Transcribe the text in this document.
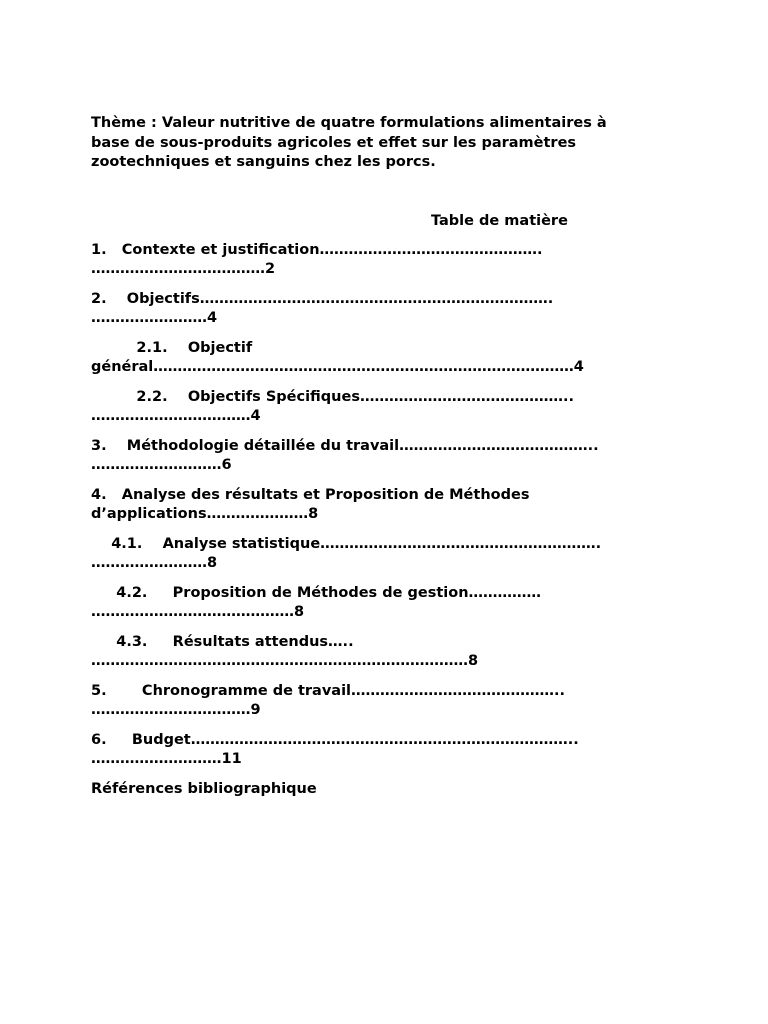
Thème : Valeur nutritive de quatre formulations alimentaires à
base de sous-produits agricoles et effet sur les paramètres
zootechniques et sanguins chez les porcs.

Table de matière
1.   Contexte et justification……………………………………….
………………………………2
2.    Objectifs……………………………………………………………….
……………………4
2.1.    Objectif
général……………………………………………………………………………4
2.2.    Objectifs Spécifiques……………………………………..
……………………………4
3.    Méthodologie détaillée du travail…………………………………..
………………………6
4.   Analyse des résultats et Proposition de Méthodes
d’applications…………………8
4.1.    Analyse statistique………………………………………………….
……………………8
4.2.     Proposition de Méthodes de gestion……………
……………………………………8
4.3.     Résultats attendus…..
……………………………………………………………………8
5.       Chronogramme de travail……………………………………..
……………………………9
6.     Budget……………………………………………………………………..
………………………11
Références bibliographique
